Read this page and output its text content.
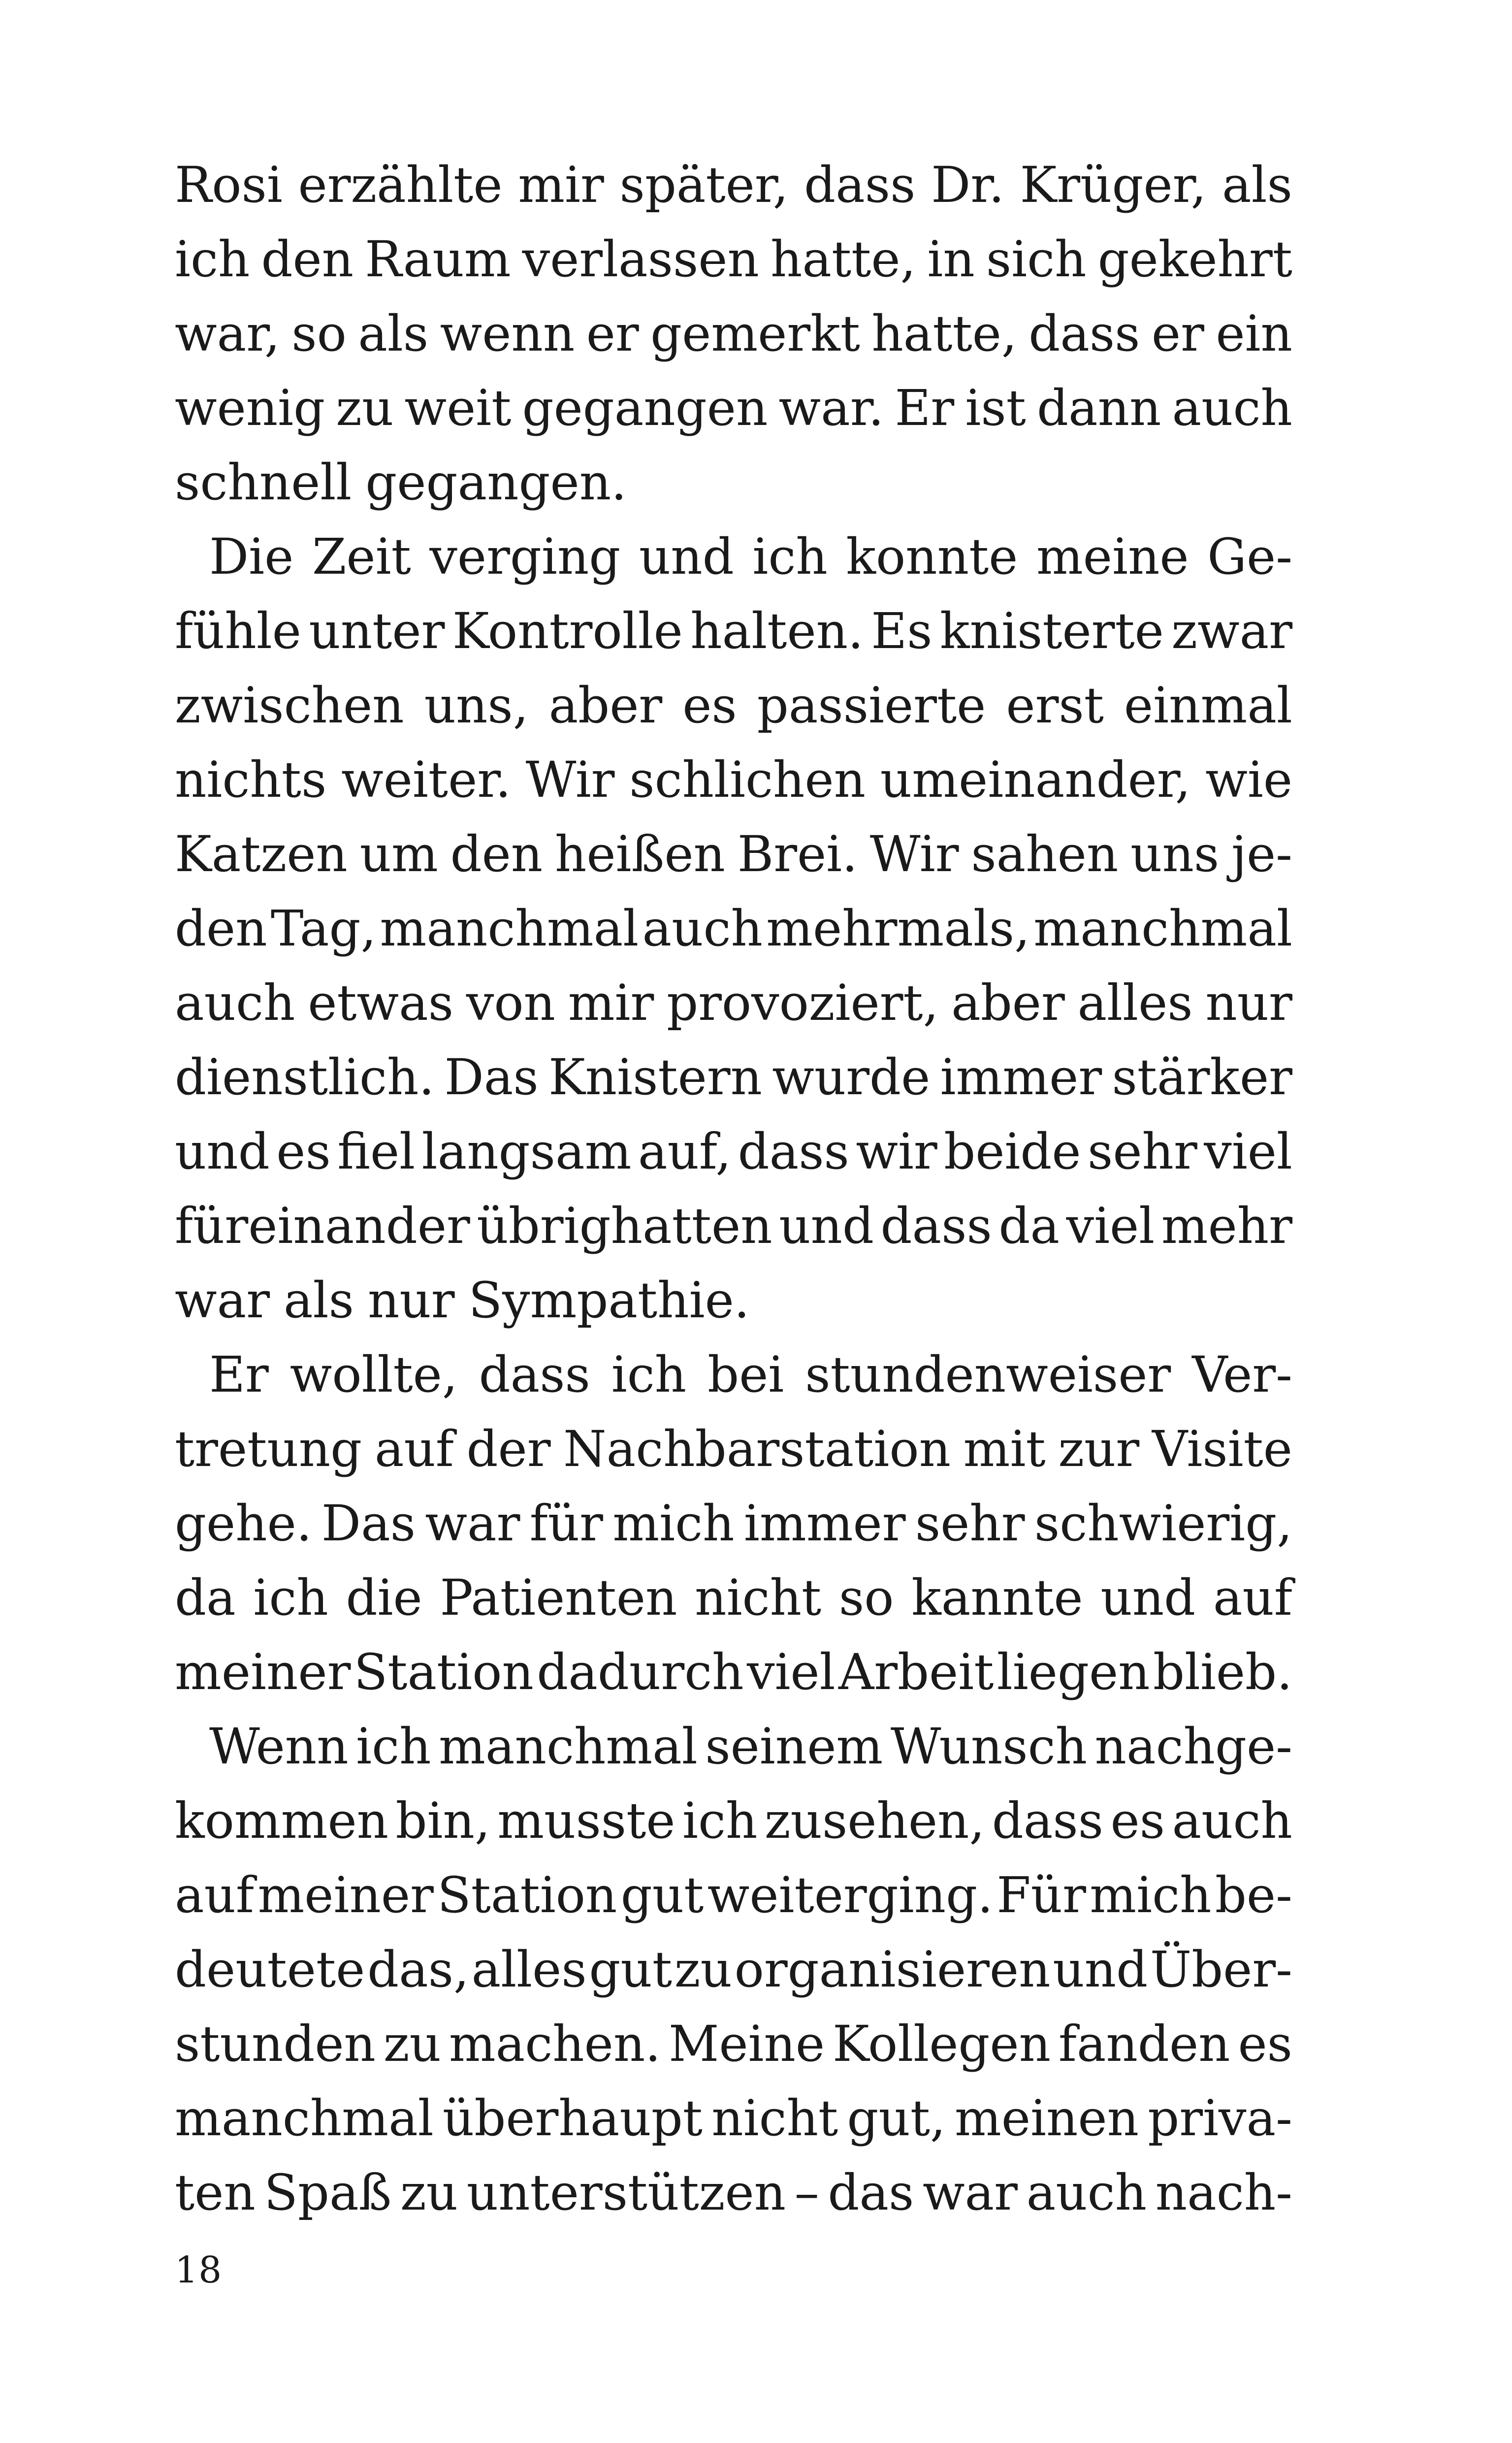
Rosi erzählte mir später, dass Dr. Krüger, als
ich den Raum verlassen hatte, in sich gekehrt
war, so als wenn er gemerkt hatte, dass er ein
wenig zu weit gegangen war. Er ist dann auch
schnell gegangen.
Die Zeit verging und ich konnte meine Ge-
fühle unter Kontrolle halten. Es knisterte zwar
zwischen uns, aber es passierte erst einmal
nichts weiter. Wir schlichen umeinander, wie
Katzen um den heißen Brei. Wir sahen uns je-
den Tag, manchmal auch mehrmals, manchmal
auch etwas von mir provoziert, aber alles nur
dienstlich. Das Knistern wurde immer stärker
und es fiel langsam auf, dass wir beide sehr viel
füreinander übrighatten und dass da viel mehr
war als nur Sympathie.
Er wollte, dass ich bei stundenweiser Ver-
tretung auf der Nachbarstation mit zur Visite
gehe. Das war für mich immer sehr schwierig,
da ich die Patienten nicht so kannte und auf
meiner Station dadurch viel Arbeit liegen blieb.
Wenn ich manchmal seinem Wunsch nachge-
kommen bin, musste ich zusehen, dass es auch
auf meiner Station gut weiterging. Für mich be-
deutete das, alles gut zu organisieren und Über-
stunden zu machen. Meine Kollegen fanden es
manchmal überhaupt nicht gut, meinen priva-
ten Spaß zu unterstützen – das war auch nach-
18
